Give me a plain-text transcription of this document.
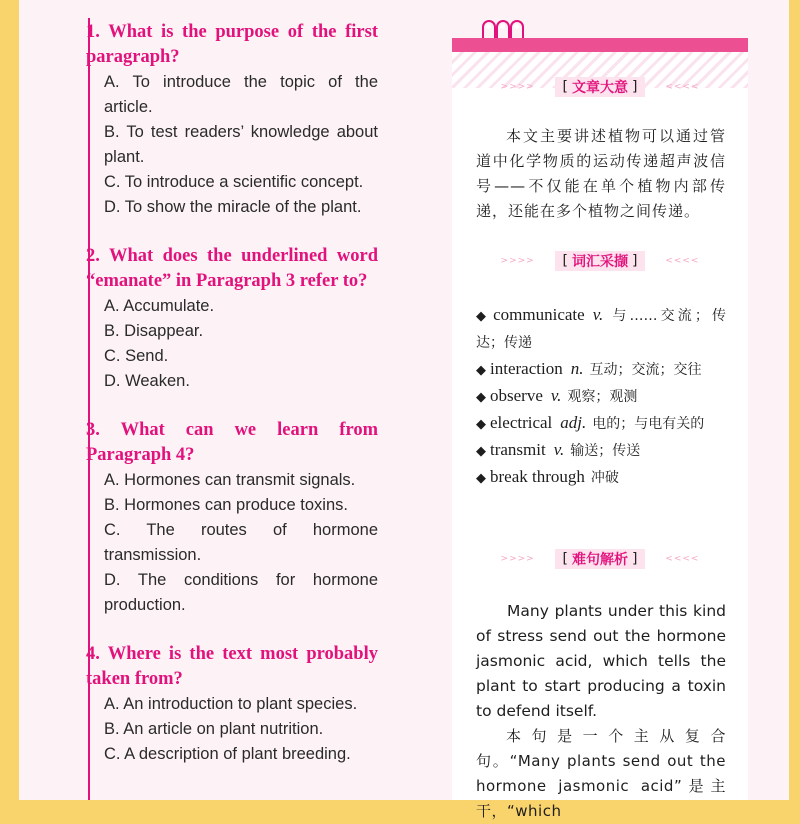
1. What is the purpose of the first paragraph?
A. To introduce the topic of the article.
B. To test readers’ knowledge about plant.
C. To introduce a scientific concept.
D. To show the miracle of the plant.
2. What does the underlined word “emanate” in Paragraph 3 refer to?
A. Accumulate.
B. Disappear.
C. Send.
D. Weaken.
3. What can we learn from
Paragraph 4?
A. Hormones can transmit signals.
B. Hormones can produce toxins.
C. The routes of hormone transmission.
D. The conditions for hormone production.
4. Where is the text most probably taken from?
A. An introduction to plant species.
B. An article on plant nutrition.
C. A description of plant breeding.
>>>>	[ 文章大意 ]	<<<<
本文主要讲述植物可以通过管道中化学物质的运动传递超声波信号——不仅能在单个植物内部传递，还能在多个植物之间传递。
>>>>	[ 词汇采撷 ]	<<<<
◆ communicate v. 与……交流；传达；传递
◆ interaction n. 互动；交流；交往
◆ observe v. 观察；观测
◆ electrical adj. 电的；与电有关的
◆ transmit v. 输送；传送
◆ break through 冲破
>>>>	[ 难句解析 ]	<<<<
Many plants under this kind of stress send out the hormone jasmonic acid, which tells the plant to start producing a toxin to defend itself.
本句是一个主从复合句。“Many plants send out the hormone jasmonic acid”是主干，“which
